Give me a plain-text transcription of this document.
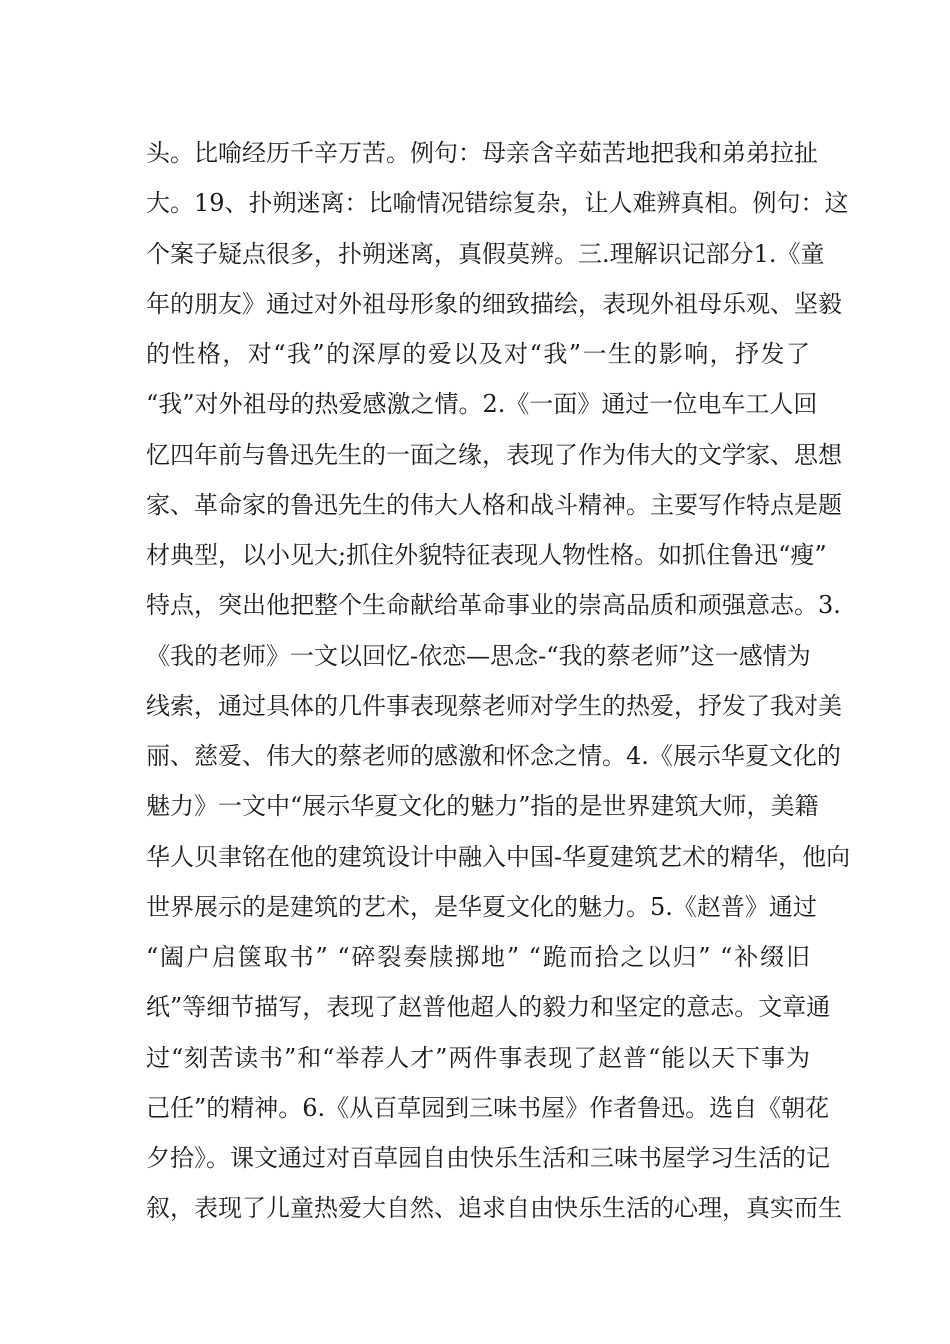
头。比喻经历千辛万苦。例句：母亲含辛茹苦地把我和弟弟拉扯
大。19、扑朔迷离：比喻情况错综复杂，让人难辨真相。例句：这
个案子疑点很多，扑朔迷离，真假莫辨。三.理解识记部分1.《童
年的朋友》通过对外祖母形象的细致描绘，表现外祖母乐观、坚毅
的性格，对“我”的深厚的爱以及对“我”一生的影响，抒发了
“我”对外祖母的热爱感激之情。2.《一面》通过一位电车工人回
忆四年前与鲁迅先生的一面之缘，表现了作为伟大的文学家、思想
家、革命家的鲁迅先生的伟大人格和战斗精神。主要写作特点是题
材典型，以小见大;抓住外貌特征表现人物性格。如抓住鲁迅“瘦”
特点，突出他把整个生命献给革命事业的崇高品质和顽强意志。3.
《我的老师》一文以回忆-依恋—思念-“我的蔡老师”这一感情为
线索，通过具体的几件事表现蔡老师对学生的热爱，抒发了我对美
丽、慈爱、伟大的蔡老师的感激和怀念之情。4.《展示华夏文化的
魅力》一文中“展示华夏文化的魅力”指的是世界建筑大师，美籍
华人贝聿铭在他的建筑设计中融入中国-华夏建筑艺术的精华，他向
世界展示的是建筑的艺术，是华夏文化的魅力。5.《赵普》通过
“阖户启箧取书” “碎裂奏牍掷地” “跪而拾之以归” “补缀旧
纸”等细节描写，表现了赵普他超人的毅力和坚定的意志。文章通
过“刻苦读书”和“举荐人才”两件事表现了赵普“能以天下事为
己任”的精神。6.《从百草园到三味书屋》作者鲁迅。选自《朝花
夕拾》。课文通过对百草园自由快乐生活和三味书屋学习生活的记
叙，表现了儿童热爱大自然、追求自由快乐生活的心理，真实而生
